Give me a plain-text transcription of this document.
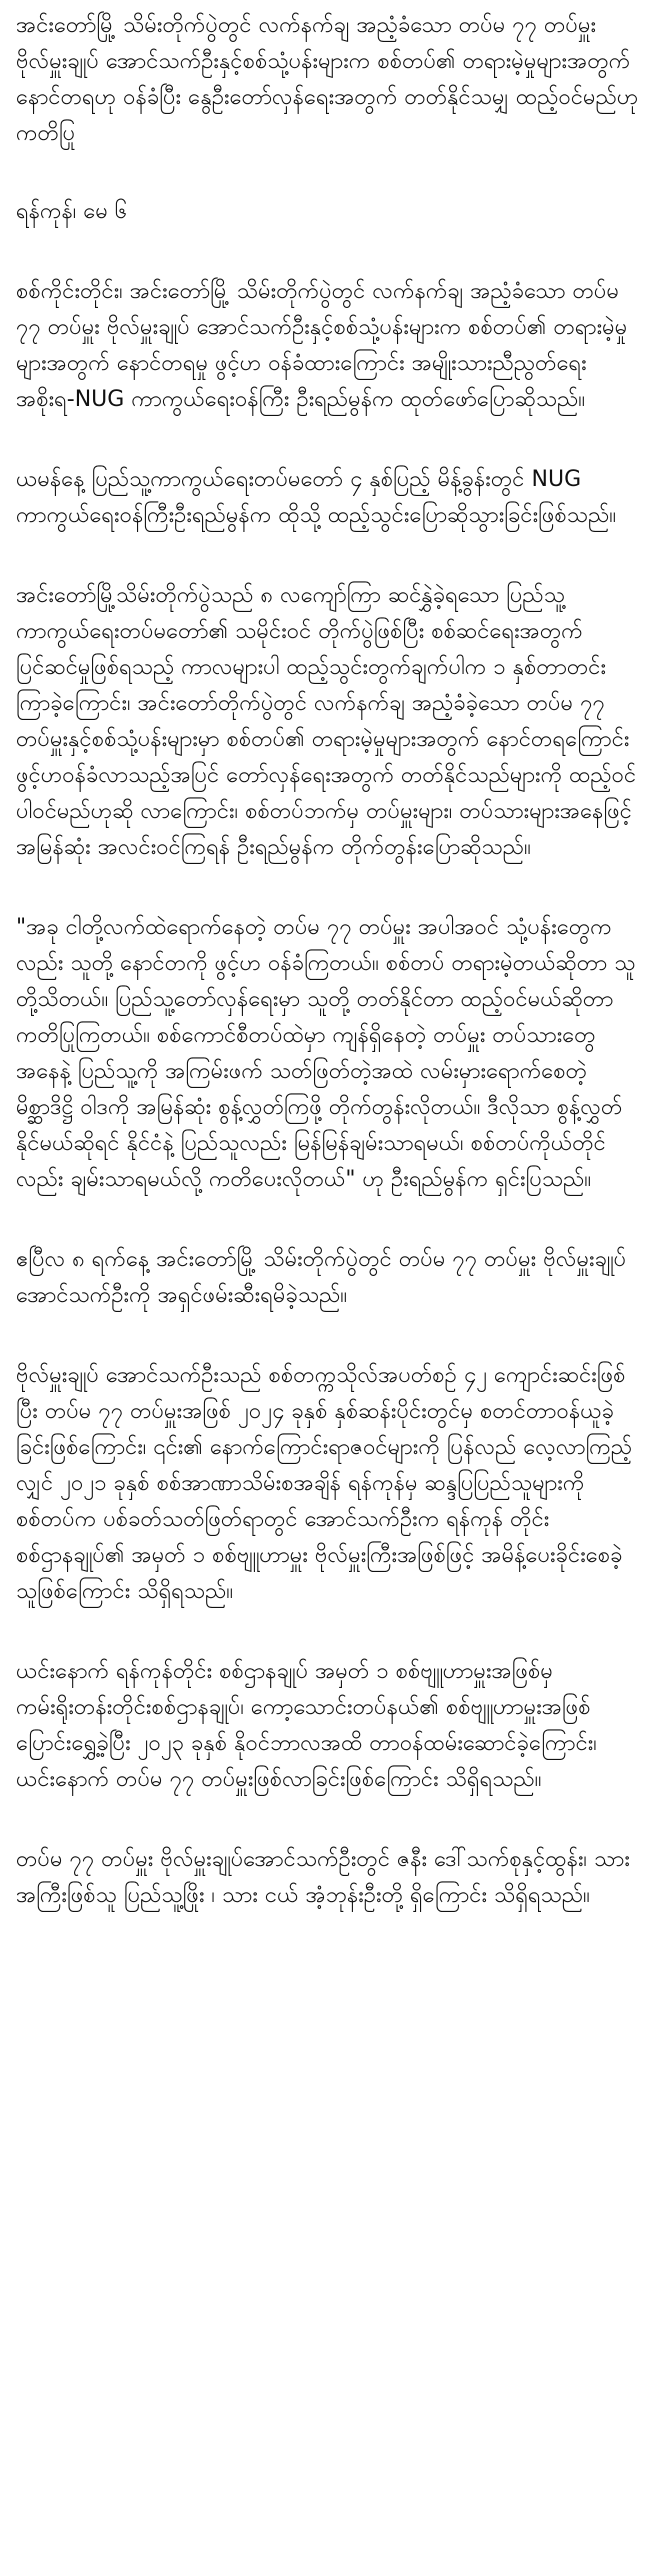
အင်းတော်မြို့ သိမ်းတိုက်ပွဲတွင် လက်နက်ချ အညံ့ခံသော တပ်မ ၇၇ တပ်မှူး ဗိုလ်မှူးချုပ် အောင်သက်ဦးနှင့်စစ်သုံ့ပန်းများက စစ်တပ်၏ တရားမဲ့မှုများအတွက် နောင်တရဟု ဝန်ခံပြီး နွေဦးတော်လှန်ရေးအတွက် တတ်နိုင်သမျှ ထည့်ဝင်မည်ဟု ကတိပြု

ရန်ကုန်၊ မေ ၆

စစ်ကိုင်းတိုင်း၊ အင်းတော်မြို့ သိမ်းတိုက်ပွဲတွင် လက်နက်ချ အညံ့ခံသော တပ်မ ၇၇ တပ်မှူး ဗိုလ်မှူးချုပ် အောင်သက်ဦးနှင့်စစ်သုံ့ပန်းများက စစ်တပ်၏ တရားမဲ့မှုများအတွက် နောင်တရမှု ဖွင့်ဟ ဝန်ခံထားကြောင်း အမျိုးသားညီညွတ်ရေးအစိုးရ-NUG ကာကွယ်ရေးဝန်ကြီး ဦးရည်မွန်က ထုတ်ဖော်ပြောဆိုသည်။

ယမန်နေ့ ပြည်သူ့ကာကွယ်ရေးတပ်မတော် ၄ နှစ်ပြည့် မိန့်ခွန်းတွင် NUG ကာကွယ်ရေးဝန်ကြီးဦးရည်မွန်က ထိုသို့ ထည့်သွင်းပြောဆိုသွားခြင်းဖြစ်သည်။

အင်းတော်မြို့သိမ်းတိုက်ပွဲသည် ၈ လကျော်ကြာ ဆင်နွှဲခဲ့ရသော ပြည်သူ့ကာကွယ်ရေးတပ်မတော်၏ သမိုင်းဝင် တိုက်ပွဲဖြစ်ပြီး စစ်ဆင်ရေးအတွက် ပြင်ဆင်မှုဖြစ်ရသည့် ကာလများပါ ထည့်သွင်းတွက်ချက်ပါက ၁ နှစ်တာတင်း ကြာခဲ့ကြောင်း၊ အင်းတော်တိုက်ပွဲတွင် လက်နက်ချ အညံ့ခံခဲ့သော တပ်မ ၇၇ တပ်မှူးနှင့်စစ်သုံ့ပန်းများမှာ စစ်တပ်၏ တရားမဲ့မှုများအတွက် နောင်တရကြောင်း ဖွင့်ဟဝန်ခံလာသည့်အပြင် တော်လှန်ရေးအတွက် တတ်နိုင်သည်များကို ထည့်ဝင်ပါဝင်မည်ဟုဆို လာကြောင်း၊ စစ်တပ်ဘက်မှ တပ်မှူးများ၊ တပ်သားများအနေဖြင့် အမြန်ဆုံး အလင်းဝင်ကြရန် ဦးရည်မွန်က တိုက်တွန်းပြောဆိုသည်။

"အခု ငါတို့လက်ထဲရောက်နေတဲ့ တပ်မ ၇၇ တပ်မှူး အပါအဝင် သုံ့ပန်းတွေကလည်း သူတို့ နောင်တကို ဖွင့်ဟ ဝန်ခံကြတယ်။ စစ်တပ် တရားမဲ့တယ်ဆိုတာ သူတို့သိတယ်။ ပြည်သူ့တော်လှန်ရေးမှာ သူတို့ တတ်နိုင်တာ ထည့်ဝင်မယ်ဆိုတာ ကတိပြုကြတယ်။ စစ်ကောင်စီတပ်ထဲမှာ ကျန်ရှိနေတဲ့ တပ်မှူး တပ်သားတွေအနေနဲ့ ပြည်သူ့ကို အကြမ်းဖက် သတ်ဖြတ်တဲ့အထဲ လမ်းမှားရောက်စေတဲ့ မိစ္ဆာဒိဋ္ဌိ ဝါဒကို အမြန်ဆုံး စွန့်လွှတ်ကြဖို့ တိုက်တွန်းလိုတယ်။ ဒီလိုသာ စွန့်လွှတ်နိုင်မယ်ဆိုရင် နိုင်ငံနဲ့ ပြည်သူလည်း မြန်မြန်ချမ်းသာရမယ်၊ စစ်တပ်ကိုယ်တိုင်လည်း ချမ်းသာရမယ်လို့ ကတိပေးလိုတယ်" ဟု ဦးရည်မွန်က ရှင်းပြသည်။

ဧပြီလ ၈ ရက်နေ့ အင်းတော်မြို့ သိမ်းတိုက်ပွဲတွင် တပ်မ ၇၇ တပ်မှူး ဗိုလ်မှူးချုပ် အောင်သက်ဦးကို အရှင်ဖမ်းဆီးရမိခဲ့သည်။

ဗိုလ်မှူးချုပ် အောင်သက်ဦးသည် စစ်တက္ကသိုလ်အပတ်စဉ် ၄၂ ကျောင်းဆင်းဖြစ်ပြီး တပ်မ ၇၇ တပ်မှူးအဖြစ် ၂၀၂၄ ခုနှစ် နှစ်ဆန်းပိုင်းတွင်မှ စတင်တာဝန်ယူခဲ့ခြင်းဖြစ်ကြောင်း၊ ၎င်း၏ နောက်ကြောင်းရာဇဝင်များကို ပြန်လည် လေ့လာကြည့်လျှင် ၂၀၂၁ ခုနှစ် စစ်အာဏာသိမ်းစအချိန် ရန်ကုန်မှ ဆန္ဒပြပြည်သူများကို စစ်တပ်က ပစ်ခတ်သတ်ဖြတ်ရာတွင် အောင်သက်ဦးက ရန်ကုန် တိုင်းစစ်ဌာနချုပ်၏ အမှတ် ၁ စစ်ဗျူဟာမှူး ဗိုလ်မှူးကြီးအဖြစ်ဖြင့် အမိန့်ပေးခိုင်းစေခဲ့သူဖြစ်ကြောင်း သိရှိရသည်။

ယင်းနောက် ရန်ကုန်တိုင်း စစ်ဌာနချုပ် အမှတ် ၁ စစ်ဗျူဟာမှူးအဖြစ်မှ ကမ်းရိုးတန်းတိုင်းစစ်ဌာနချုပ်၊ ကော့သောင်းတပ်နယ်၏ စစ်ဗျူဟာမှူးအဖြစ် ပြောင်းရွှေ့ခဲ့ပြီး ၂၀၂၃ ခုနှစ် နိုဝင်ဘာလအထိ တာဝန်ထမ်းဆောင်ခဲ့ကြောင်း၊ ယင်းနောက် တပ်မ ၇၇ တပ်မှူးဖြစ်လာခြင်းဖြစ်ကြောင်း သိရှိရသည်။

တပ်မ ၇၇ တပ်မှူး ဗိုလ်မှူးချုပ်အောင်သက်ဦးတွင် ဇနီး ဒေါ်သက်စုနှင့်ထွန်း၊ သားအကြီးဖြစ်သူ ပြည်သူ့ဖြိုး ၊ သား ငယ် အံ့ဘုန်းဦးတို့ ရှိကြောင်း သိရှိရသည်။
